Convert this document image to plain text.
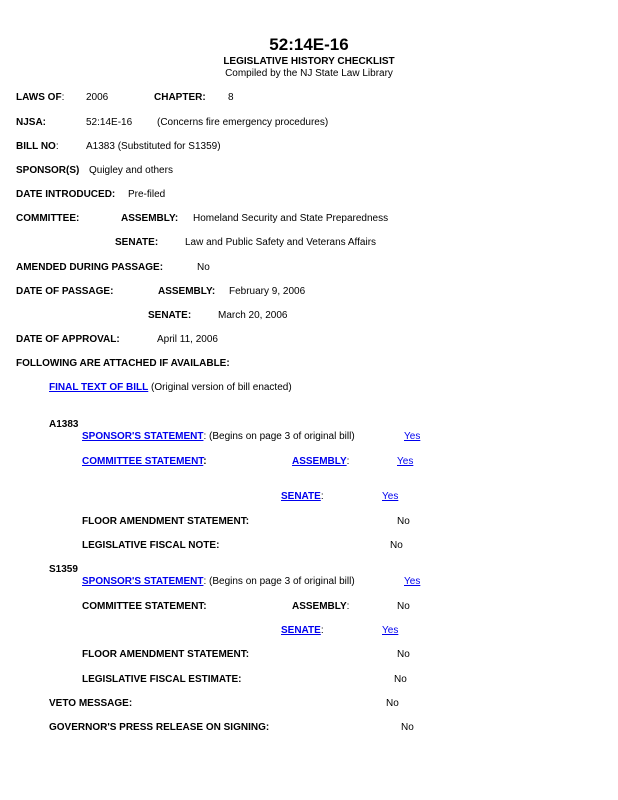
52:14E-16
LEGISLATIVE HISTORY CHECKLIST
Compiled by the NJ State Law Library
LAWS OF: 2006	CHAPTER: 8
NJSA:	52:14E-16 (Concerns fire emergency procedures)
BILL NO:	A1383 (Substituted for S1359)
SPONSOR(S) Quigley and others
DATE INTRODUCED: Pre-filed
COMMITTEE:	ASSEMBLY: Homeland Security and State Preparedness
SENATE:	Law and Public Safety and Veterans Affairs
AMENDED DURING PASSAGE:	No
DATE OF PASSAGE:	ASSEMBLY: February 9, 2006
SENATE:	March 20, 2006
DATE OF APPROVAL:	April 11, 2006
FOLLOWING ARE ATTACHED IF AVAILABLE:
FINAL TEXT OF BILL (Original version of bill enacted)
A1383
SPONSOR'S STATEMENT: (Begins on page 3 of original bill)	Yes
COMMITTEE STATEMENT:	ASSEMBLY:	Yes
SENATE:	Yes
FLOOR AMENDMENT STATEMENT:	No
LEGISLATIVE FISCAL NOTE:	No
S1359
SPONSOR'S STATEMENT: (Begins on page 3 of original bill)	Yes
COMMITTEE STATEMENT:	ASSEMBLY:	No
SENATE:	Yes
FLOOR AMENDMENT STATEMENT:	No
LEGISLATIVE FISCAL ESTIMATE:	No
VETO MESSAGE:	No
GOVERNOR'S PRESS RELEASE ON SIGNING:	No
